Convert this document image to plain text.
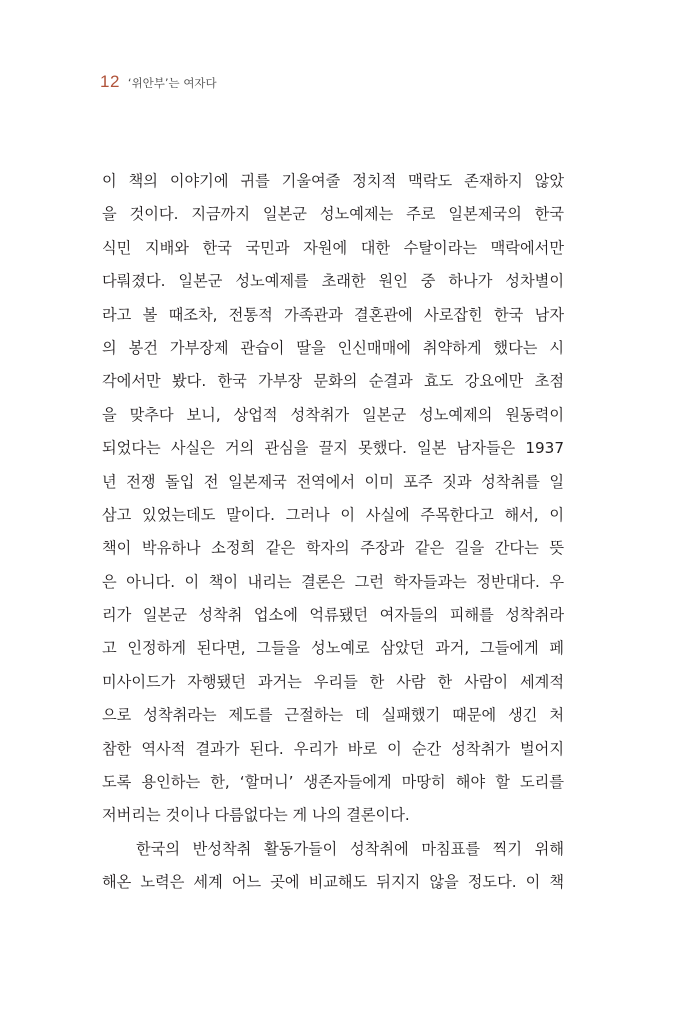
12 ‘위안부’는 여자다
이 책의 이야기에 귀를 기울여줄 정치적 맥락도 존재하지 않았
을 것이다. 지금까지 일본군 성노예제는 주로 일본제국의 한국
식민 지배와 한국 국민과 자원에 대한 수탈이라는 맥락에서만
다뤄졌다. 일본군 성노예제를 초래한 원인 중 하나가 성차별이
라고 볼 때조차, 전통적 가족관과 결혼관에 사로잡힌 한국 남자
의 봉건 가부장제 관습이 딸을 인신매매에 취약하게 했다는 시
각에서만 봤다. 한국 가부장 문화의 순결과 효도 강요에만 초점
을 맞추다 보니, 상업적 성착취가 일본군 성노예제의 원동력이
되었다는 사실은 거의 관심을 끌지 못했다. 일본 남자들은 1937
년 전쟁 돌입 전 일본제국 전역에서 이미 포주 짓과 성착취를 일
삼고 있었는데도 말이다. 그러나 이 사실에 주목한다고 해서, 이
책이 박유하나 소정희 같은 학자의 주장과 같은 길을 간다는 뜻
은 아니다. 이 책이 내리는 결론은 그런 학자들과는 정반대다. 우
리가 일본군 성착취 업소에 억류됐던 여자들의 피해를 성착취라
고 인정하게 된다면, 그들을 성노예로 삼았던 과거, 그들에게 페
미사이드가 자행됐던 과거는 우리들 한 사람 한 사람이 세계적
으로 성착취라는 제도를 근절하는 데 실패했기 때문에 생긴 처
참한 역사적 결과가 된다. 우리가 바로 이 순간 성착취가 벌어지
도록 용인하는 한, ‘할머니’ 생존자들에게 마땅히 해야 할 도리를
저버리는 것이나 다름없다는 게 나의 결론이다.
한국의 반성착취 활동가들이 성착취에 마침표를 찍기 위해
해온 노력은 세계 어느 곳에 비교해도 뒤지지 않을 정도다. 이 책
